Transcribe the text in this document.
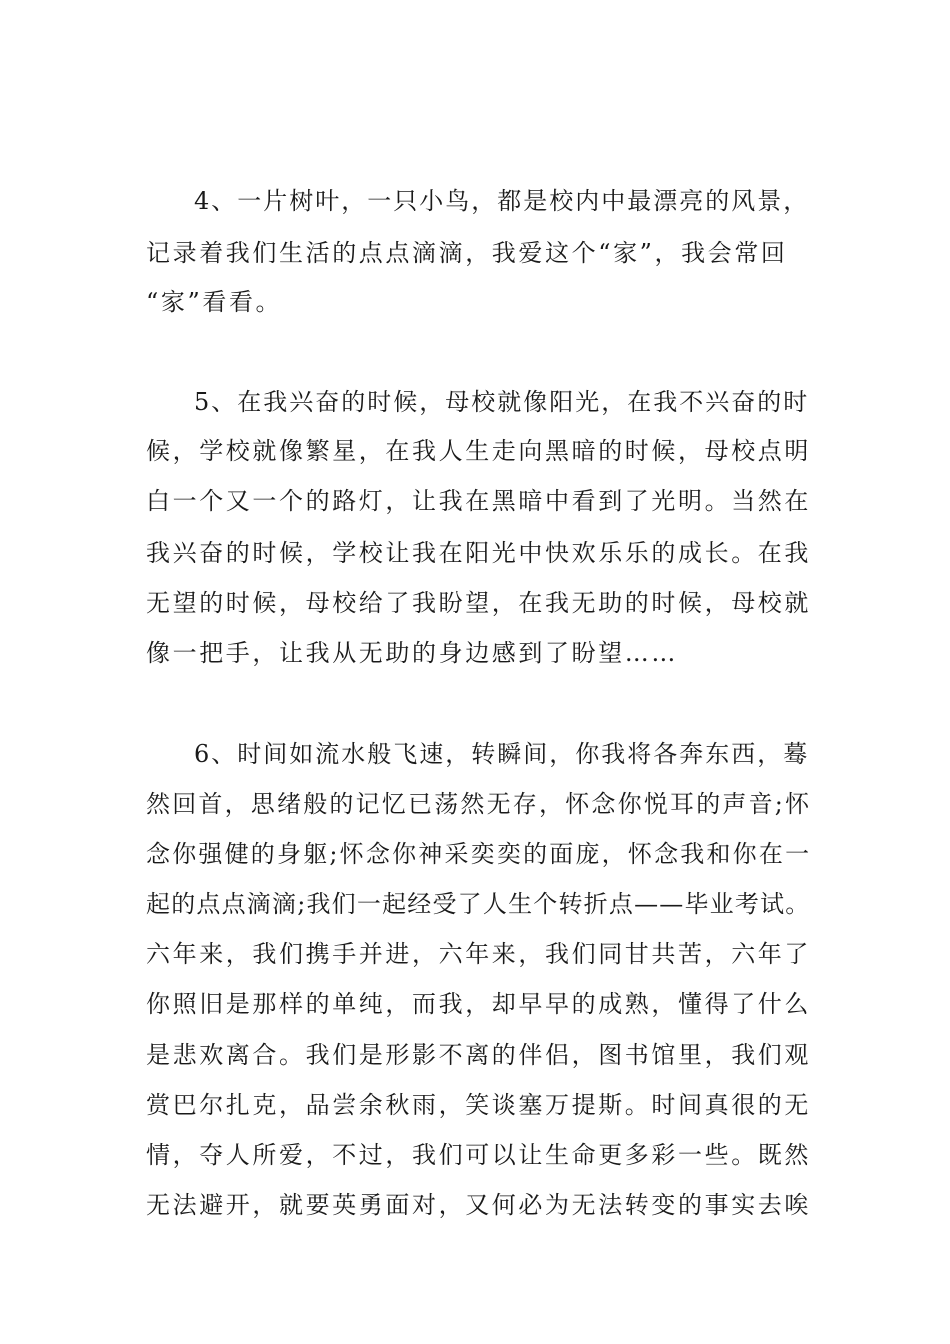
4、一片树叶，一只小鸟，都是校内中最漂亮的风景，
记录着我们生活的点点滴滴，我爱这个“家”，我会常回
“家”看看。
5、在我兴奋的时候，母校就像阳光，在我不兴奋的时
候，学校就像繁星，在我人生走向黑暗的时候，母校点明
白一个又一个的路灯，让我在黑暗中看到了光明。当然在
我兴奋的时候，学校让我在阳光中快欢乐乐的成长。在我
无望的时候，母校给了我盼望，在我无助的时候，母校就
像一把手，让我从无助的身边感到了盼望……
6、时间如流水般飞速，转瞬间，你我将各奔东西，蓦
然回首，思绪般的记忆已荡然无存，怀念你悦耳的声音;怀
念你强健的身躯;怀念你神采奕奕的面庞，怀念我和你在一
起的点点滴滴;我们一起经受了人生个转折点——毕业考试。
六年来，我们携手并进，六年来，我们同甘共苦，六年了
你照旧是那样的单纯，而我，却早早的成熟，懂得了什么
是悲欢离合。我们是形影不离的伴侣，图书馆里，我们观
赏巴尔扎克，品尝余秋雨，笑谈塞万提斯。时间真很的无
情，夺人所爱，不过，我们可以让生命更多彩一些。既然
无法避开，就要英勇面对，又何必为无法转变的事实去唉
